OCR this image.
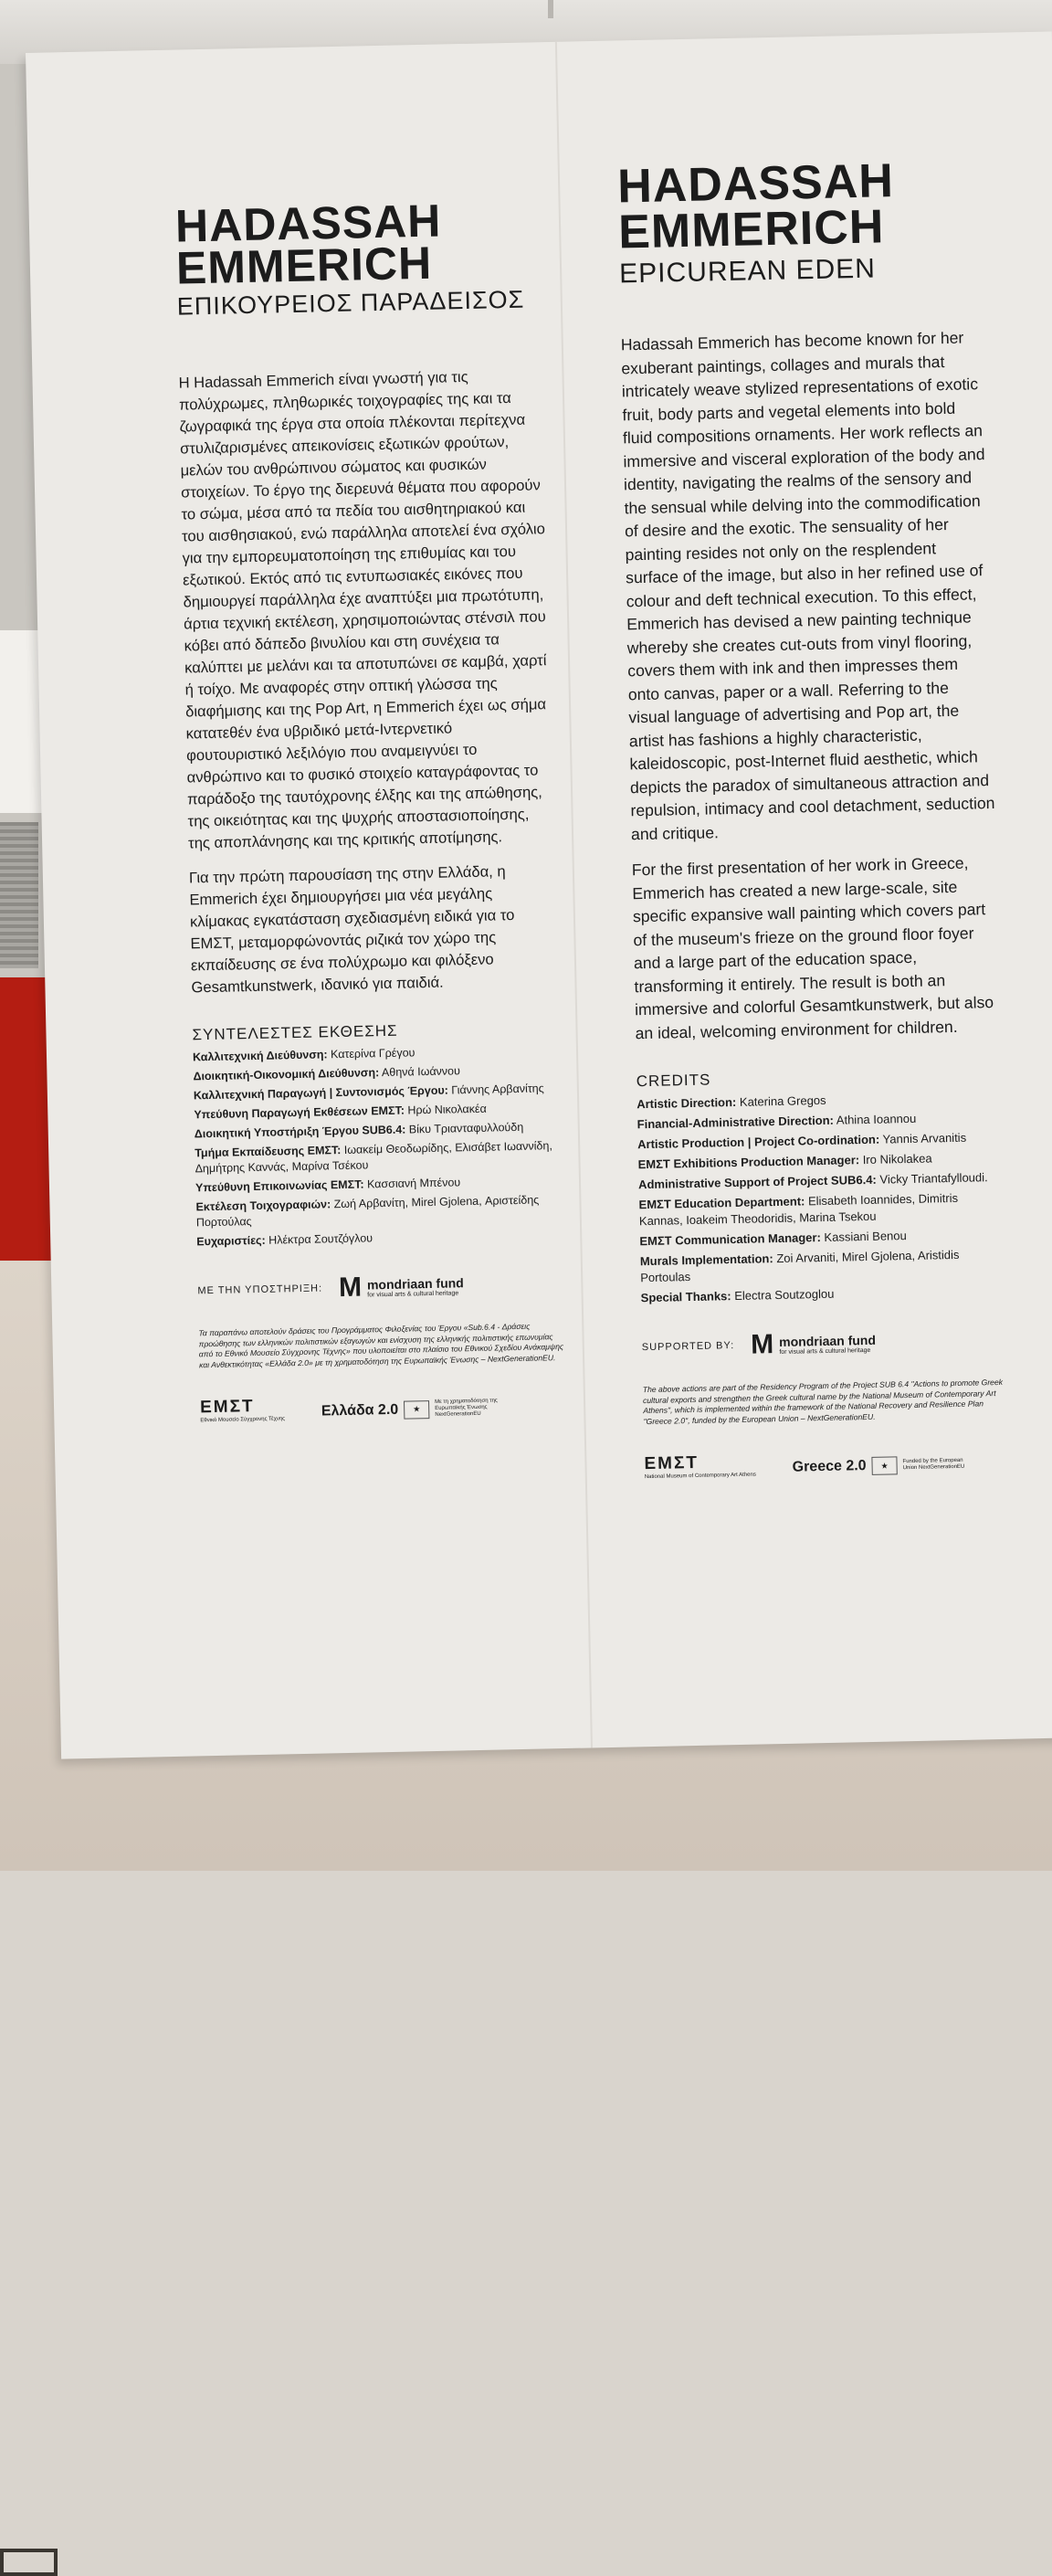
HADASSAH
EMMERICH
ΕΠΙΚΟΥΡΕΙΟΣ ΠΑΡΑΔΕΙΣΟΣ

Η Hadassah Emmerich είναι γνωστή για τις πολύχρωμες, πληθωρικές τοιχογραφίες της και τα ζωγραφικά της έργα στα οποία πλέκονται περίτεχνα στυλιζαρισμένες απεικονίσεις εξωτικών φρούτων, μελών του ανθρώπινου σώματος και φυσικών στοιχείων. Το έργο της διερευνά θέματα που αφορούν το σώμα, μέσα από τα πεδία του αισθητηριακού και του αισθησιακού, ενώ παράλληλα αποτελεί ένα σχόλιο για την εμπορευματοποίηση της επιθυμίας και του εξωτικού. Εκτός από τις εντυπωσιακές εικόνες που δημιουργεί παράλληλα έχε αναπτύξει μια πρωτότυπη, άρτια τεχνική εκτέλεση, χρησιμοποιώντας στένσιλ που κόβει από δάπεδο βινυλίου και στη συνέχεια τα καλύπτει με μελάνι και τα αποτυπώνει σε καμβά, χαρτί ή τοίχο. Με αναφορές στην οπτική γλώσσα της διαφήμισης και της Pop Art, η Emmerich έχει ως σήμα κατατεθέν ένα υβριδικό μετά-Ιντερνετικό φουτουριστικό λεξιλόγιο που αναμειγνύει το ανθρώπινο και το φυσικό στοιχείο καταγράφοντας το παράδοξο της ταυτόχρονης έλξης και της απώθησης, της οικειότητας και της ψυχρής αποστασιοποίησης, της αποπλάνησης και της κριτικής αποτίμησης.

Για την πρώτη παρουσίαση της στην Ελλάδα, η Emmerich έχει δημιουργήσει μια νέα μεγάλης κλίμακας εγκατάσταση σχεδιασμένη ειδικά για το ΕΜΣΤ, μεταμορφώνοντάς ριζικά τον χώρο της εκπαίδευσης σε ένα πολύχρωμο και φιλόξενο Gesamtkunstwerk, ιδανικό για παιδιά.

ΣΥΝΤΕΛΕΣΤΕΣ ΕΚΘΕΣΗΣ

Καλλιτεχνική Διεύθυνση: Κατερίνα Γρέγου

Διοικητική-Οικονομική Διεύθυνση: Αθηνά Ιωάννου

Καλλιτεχνική Παραγωγή | Συντονισμός Έργου: Γιάννης Αρβανίτης

Υπεύθυνη Παραγωγή Εκθέσεων ΕΜΣΤ: Ηρώ Νικολακέα

Διοικητική Υποστήριξη Έργου SUB6.4: Βίκυ Τριανταφυλλούδη

Τμήμα Εκπαίδευσης ΕΜΣΤ: Ιωακείμ Θεοδωρίδης, Ελισάβετ Ιωαννίδη, Δημήτρης Καννάς, Μαρίνα Τσέκου

Υπεύθυνη Επικοινωνίας ΕΜΣΤ: Κασσιανή Μπένου

Εκτέλεση Τοιχογραφιών: Ζωή Αρβανίτη, Mirel Gjolena, Αριστείδης Πορτούλας

Ευχαριστίες: Ηλέκτρα Σουτζόγλου

ΜΕ ΤΗΝ ΥΠΟΣΤΗΡΙΞΗ: M mondriaan fund
for visual arts & cultural heritage
Τα παραπάνω αποτελούν δράσεις του Προγράμματος Φιλοξενίας του Έργου «Sub.6.4 - Δράσεις προώθησης των ελληνικών πολιτιστικών εξαγωγών και ενίσχυση της ελληνικής πολιτιστικής επωνυμίας από το Εθνικό Μουσείο Σύγχρονης Τέχνης» που υλοποιείται στο πλαίσιο του Εθνικού Σχεδίου Ανάκαμψης και Ανθεκτικότητας «Ελλάδα 2.0» με τη χρηματοδότηση της Ευρωπαϊκής Ένωσης – NextGenerationEU.
ΕΜΣΤ
Εθνικό Μουσείο Σύγχρονης Τέχνης
Ελλάδα 2.0	★
Με τη χρηματοδότηση της Ευρωπαϊκής Ένωσης NextGenerationEU
HADASSAH
EMMERICH
EPICUREAN EDEN

Hadassah Emmerich has become known for her exuberant paintings, collages and murals that intricately weave stylized representations of exotic fruit, body parts and vegetal elements into bold fluid compositions ornaments. Her work reflects an immersive and visceral exploration of the body and identity, navigating the realms of the sensory and the sensual while delving into the commodification of desire and the exotic. The sensuality of her painting resides not only on the resplendent surface of the image, but also in her refined use of colour and deft technical execution. To this effect, Emmerich has devised a new painting technique whereby she creates cut-outs from vinyl flooring, covers them with ink and then impresses them onto canvas, paper or a wall. Referring to the visual language of advertising and Pop art, the artist has fashions a highly characteristic, kaleidoscopic, post-Internet fluid aesthetic, which depicts the paradox of simultaneous attraction and repulsion, intimacy and cool detachment, seduction and critique.

For the first presentation of her work in Greece, Emmerich has created a new large-scale, site specific expansive wall painting which covers part of the museum's frieze on the ground floor foyer and a large part of the education space, transforming it entirely. The result is both an immersive and colorful Gesamtkunstwerk, but also an ideal, welcoming environment for children.

CREDITS

Artistic Direction: Katerina Gregos

Financial-Administrative Direction: Athina Ioannou

Artistic Production | Project Co-ordination: Yannis Arvanitis

EMΣT Exhibitions Production Manager: Iro Nikolakea

Administrative Support of Project SUB6.4: Vicky Triantafylloudi.

EMΣT Education Department: Elisabeth Ioannides, Dimitris Kannas, Ioakeim Theodoridis, Marina Tsekou

EMΣT Communication Manager: Kassiani Benou

Murals Implementation: Zoi Arvaniti, Mirel Gjolena, Aristidis Portoulas

Special Thanks: Electra Soutzoglou

SUPPORTED BY: M mondriaan fund
for visual arts & cultural heritage
The above actions are part of the Residency Program of the Project SUB 6.4 "Actions to promote Greek cultural exports and strengthen the Greek cultural name by the National Museum of Contemporary Art Athens", which is implemented within the framework of the National Recovery and Resilience Plan "Greece 2.0", funded by the European Union – NextGenerationEU.
EMΣT
National Museum of Contemporary Art Athens
Greece 2.0	★	Funded by the European Union NextGenerationEU
